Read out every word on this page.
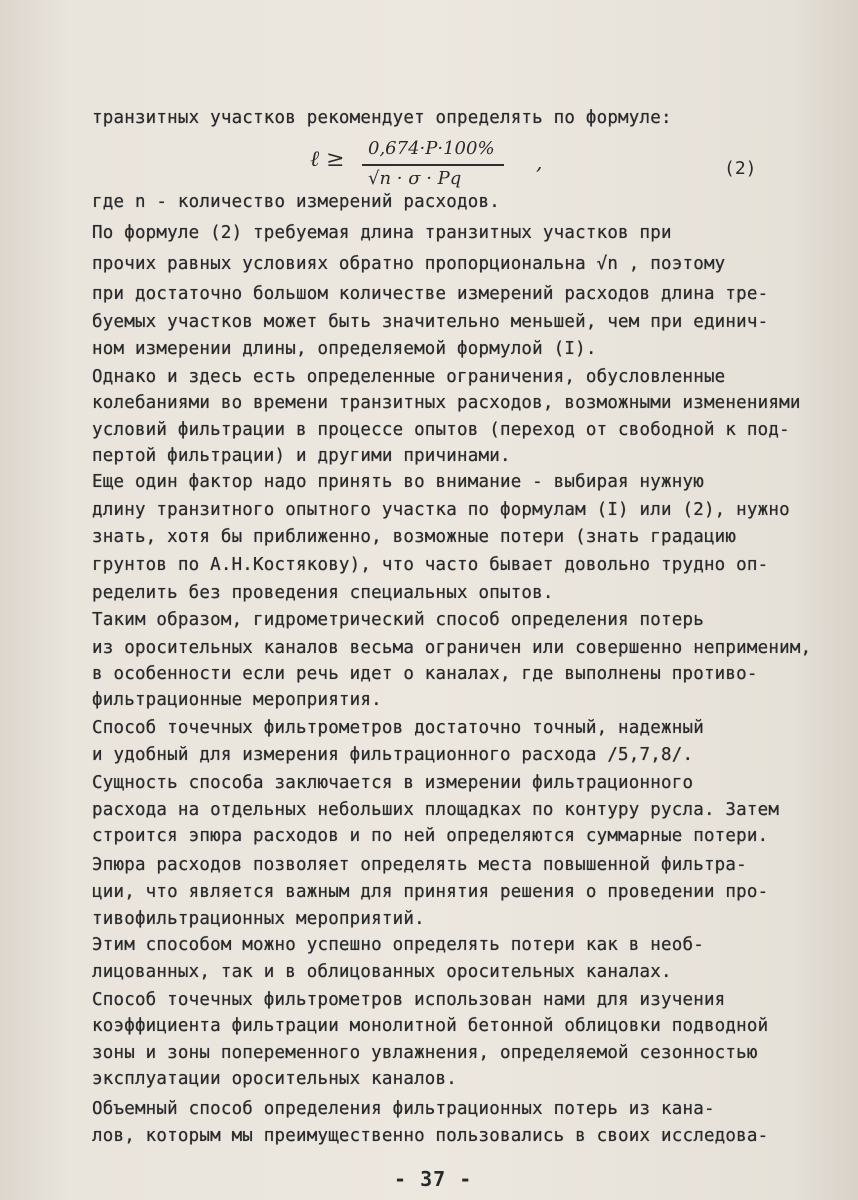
транзитных участков рекомендует определять по формуле:
ℓ ≥ 0,674·P·100%
√n · σ · Pq
,	(2)
где n - количество измерений расходов.
По формуле (2) требуемая длина транзитных участков при
прочих равных условиях обратно пропорциональна √n , поэтому
при достаточно большом количестве измерений расходов длина тре-
буемых участков может быть значительно меньшей, чем при единич-
ном измерении длины, определяемой формулой (I).
Однако и здесь есть определенные ограничения, обусловленные
колебаниями во времени транзитных расходов, возможными изменениями
условий фильтрации в процессе опытов (переход от свободной к под-
пертой фильтрации) и другими причинами.
Еще один фактор надо принять во внимание - выбирая нужную
длину транзитного опытного участка по формулам (I) или (2), нужно
знать, хотя бы приближенно, возможные потери (знать градацию
грунтов по А.Н.Костякову), что часто бывает довольно трудно оп-
ределить без проведения специальных опытов.
Таким образом, гидрометрический способ определения потерь
из оросительных каналов весьма ограничен или совершенно неприменим,
в особенности если речь идет о каналах, где выполнены противо-
фильтрационные мероприятия.
Способ точечных фильтрометров достаточно точный, надежный
и удобный для измерения фильтрационного расхода /5,7,8/.
Сущность способа заключается в измерении фильтрационного
расхода на отдельных небольших площадках по контуру русла. Затем
строится эпюра расходов и по ней определяются суммарные потери.
Эпюра расходов позволяет определять места повышенной фильтра-
ции, что является важным для принятия решения о проведении про-
тивофильтрационных мероприятий.
Этим способом можно успешно определять потери как в необ-
лицованных, так и в облицованных оросительных каналах.
Способ точечных фильтрометров использован нами для изучения
коэффициента фильтрации монолитной бетонной облицовки подводной
зоны и зоны попеременного увлажнения, определяемой сезонностью
эксплуатации оросительных каналов.
Объемный способ определения фильтрационных потерь из кана-
лов, которым мы преимущественно пользовались в своих исследова-
- 37 -
